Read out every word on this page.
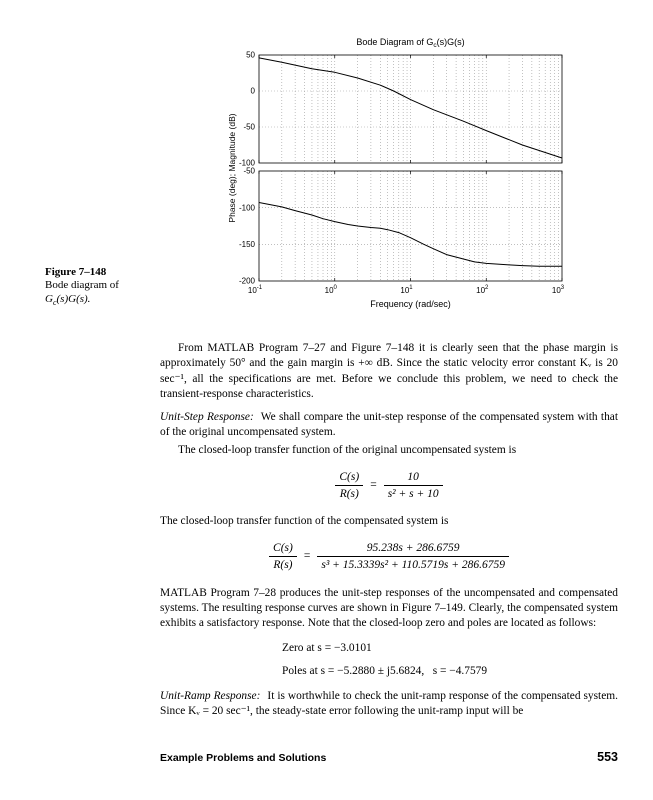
50
0
-50
-100
-50
-100
-150
-200
Bode Diagram of $G_c(s)G(s)$
$10^{-1}$	$10^0$	$10^1$	$10^2$	$10^3$
Frequency (rad/sec)
Phase (deg); Magnitude (dB)
Figure 7–148
Bode diagram of
$G_c(s)G(s)$.

From MATLAB Program 7–27 and Figure 7–148 it is clearly seen that the phase margin is approximately 50° and the gain margin is +∞ dB. Since the static velocity error constant Kᵥ is 20 sec⁻¹, all the specifications are met. Before we conclude this problem, we need to check the transient-response characteristics.

Unit-Step Response: We shall compare the unit-step response of the compensated system with that of the original uncompensated system.

The closed-loop transfer function of the original uncompensated system is

$\frac{C(s)}{R(s)} = \frac{10}{\text{s² + s + 10}}$

The closed-loop transfer function of the compensated system is

$\frac{C(s)}{R(s)} = \frac{95.238s + 286.6759}{\text{s³ + 15.3339s² + 110.5719s + 286.6759}}$

MATLAB Program 7–28 produces the unit-step responses of the uncompensated and compensated systems. The resulting response curves are shown in Figure 7–149. Clearly, the compensated system exhibits a satisfactory response. Note that the closed-loop zero and poles are located as follows:

Zero at s = −3.0101
Poles at s = −5.2880 ± j5.6824,   s = −4.7579

Unit-Ramp Response: It is worthwhile to check the unit-ramp response of the compensated system. Since Kᵥ = 20 sec⁻¹, the steady-state error following the unit-ramp input will be

Example Problems and Solutions	553
